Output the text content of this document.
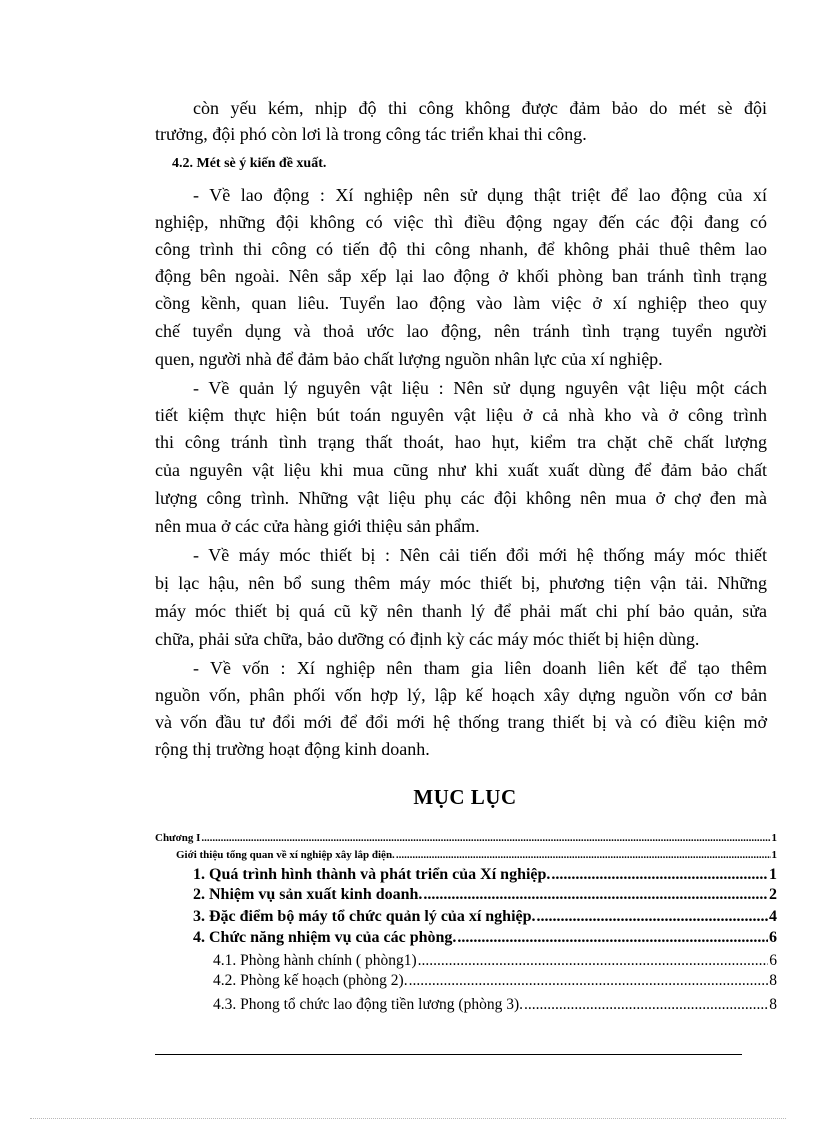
còn yếu kém, nhịp độ thi công không được đảm bảo do mét sè đội
trưởng, đội phó còn lơi là trong công tác triển khai thi công.
4.2. Mét sè ý kiến đề xuất.
- Về lao động : Xí nghiệp nên sử dụng thật triệt để lao động của xí
nghiệp, những đội không có việc thì điều động ngay đến các đội đang có
công trình thi công có tiến độ thi công nhanh, để không phải thuê thêm lao
động bên ngoài. Nên sắp xếp lại lao động ở khối phòng ban tránh tình trạng
cồng kềnh, quan liêu. Tuyển lao động vào làm việc ở xí nghiệp theo quy
chế tuyển dụng và thoả ước lao động, nên tránh tình trạng tuyển người
quen, người nhà để đảm bảo chất lượng nguồn nhân lực của xí nghiệp.
- Về quản lý nguyên vật liệu : Nên sử dụng nguyên vật liệu một cách
tiết kiệm thực hiện bút toán nguyên vật liệu ở cả nhà kho và ở công trình
thi công tránh tình trạng thất thoát, hao hụt, kiểm tra chặt chẽ chất lượng
của nguyên vật liệu khi mua cũng như khi xuất xuất dùng để đảm bảo chất
lượng công trình. Những vật liệu phụ các đội không nên mua ở chợ đen mà
nên mua ở các cửa hàng giới thiệu sản phẩm.
- Về máy móc thiết bị : Nên cải tiến đổi mới hệ thống máy móc thiết
bị lạc hậu, nên bổ sung thêm máy móc thiết bị, phương tiện vận tải. Những
máy móc thiết bị quá cũ kỹ nên thanh lý để phải mất chi phí bảo quản, sửa
chữa, phải sửa chữa, bảo dưỡng có định kỳ các máy móc thiết bị hiện dùng.
- Về vốn : Xí nghiệp nên tham gia liên doanh liên kết để tạo thêm
nguồn vốn, phân phối vốn hợp lý, lập kế hoạch xây dựng nguồn vốn cơ bản
và vốn đầu tư đổi mới để đổi mới hệ thống trang thiết bị và có điều kiện mở
rộng thị trường hoạt động kinh doanh.
MỤC LỤC
Chương I .....	1
Giới thiệu tổng quan về xí nghiệp xây lắp điện. .....	1
1. Quá trình hình thành và phát triển của Xí nghiệp. .....	1
2. Nhiệm vụ sản xuất kinh doanh. .....	2
3. Đặc điểm bộ máy tổ chức quản lý của xí nghiệp. .....	4
4. Chức năng nhiệm vụ của các phòng. .....	6
4.1. Phòng hành chính ( phòng1) .....	6
4.2. Phòng kế hoạch (phòng 2). .....	8
4.3. Phong tổ chức lao động tiền lương (phòng 3). .....	8
